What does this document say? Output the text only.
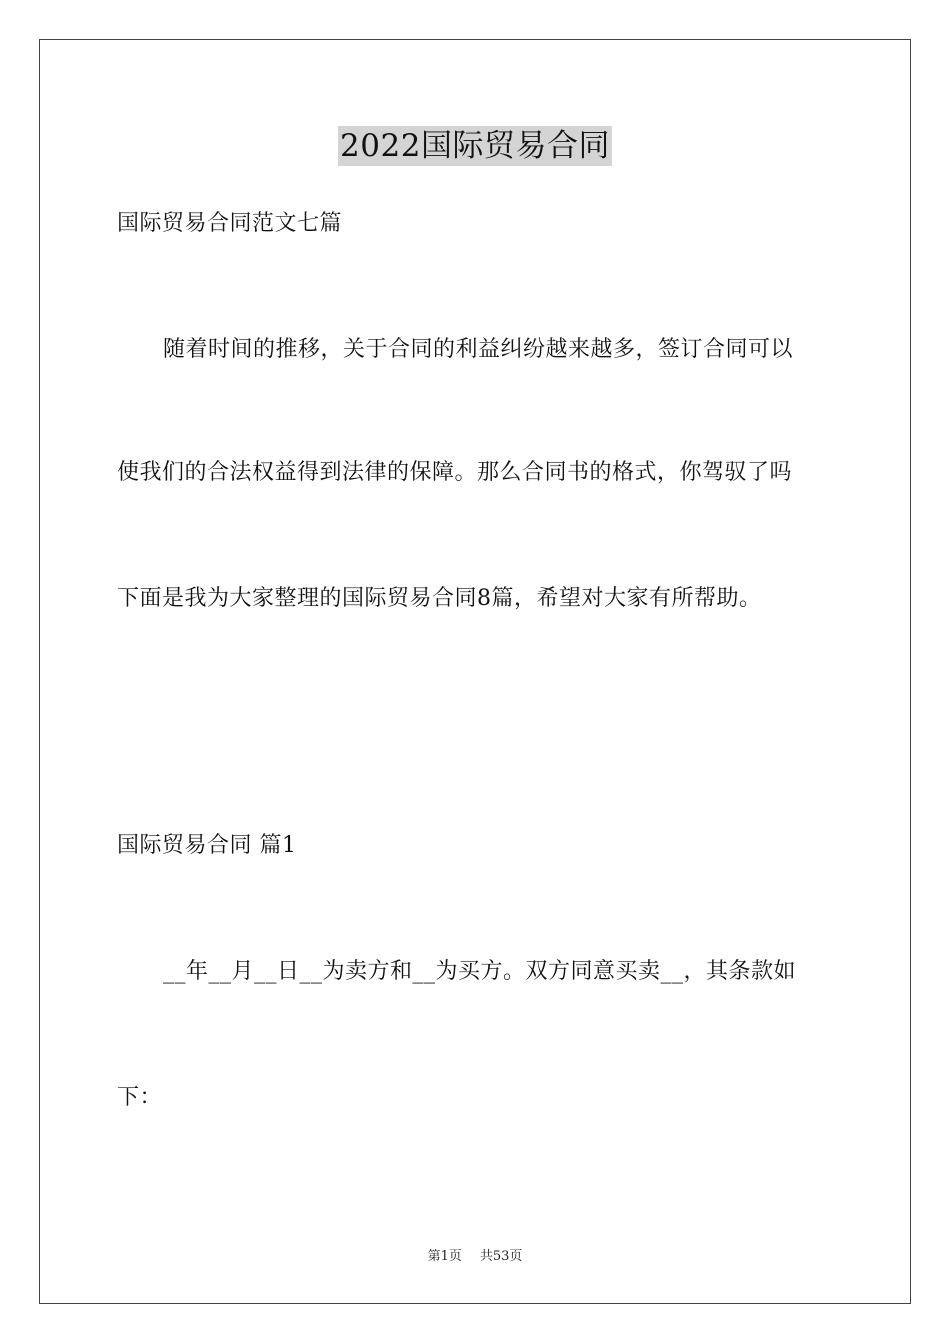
2022国际贸易合同
国际贸易合同范文七篇
随着时间的推移，关于合同的利益纠纷越来越多，签订合同可以
使我们的合法权益得到法律的保障。那么合同书的格式，你驾驭了吗
下面是我为大家整理的国际贸易合同8篇，希望对大家有所帮助。
国际贸易合同 篇1
__年__月__日__为卖方和__为买方。双方同意买卖__，其条款如
下：
第1页 共53页
